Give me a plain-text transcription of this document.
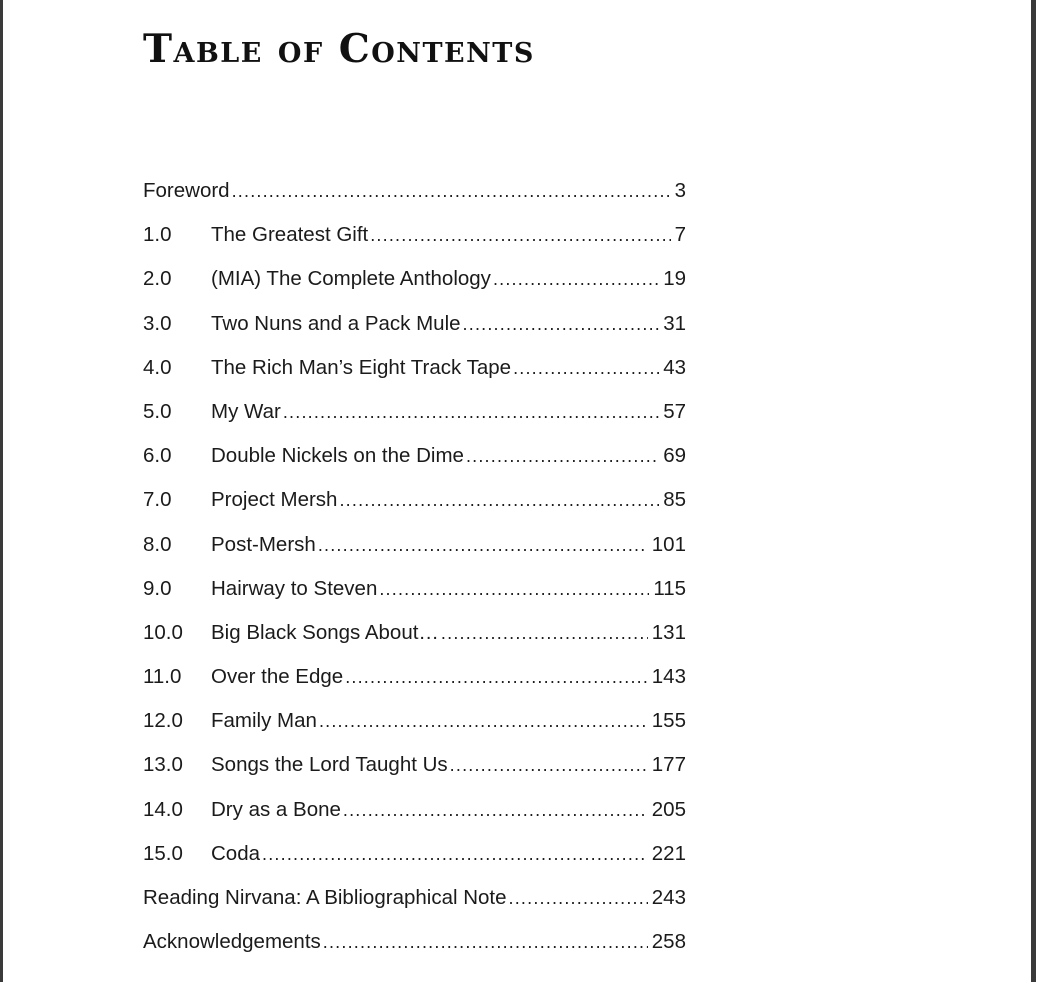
Table of Contents
Foreword .....	3
1.0	The Greatest Gift .....	7
2.0	(MIA) The Complete Anthology .....	19
3.0	Two Nuns and a Pack Mule .....	31
4.0	The Rich Man’s Eight Track Tape .....	43
5.0	My War .....	57
6.0	Double Nickels on the Dime .....	69
7.0	Project Mersh .....	85
8.0	Post-Mersh .....	101
9.0	Hairway to Steven .....	115
10.0	Big Black Songs About… .....	131
11.0	Over the Edge .....	143
12.0	Family Man .....	155
13.0	Songs the Lord Taught Us .....	177
14.0	Dry as a Bone .....	205
15.0	Coda .....	221
Reading Nirvana: A Bibliographical Note .....	243
Acknowledgements .....	258
